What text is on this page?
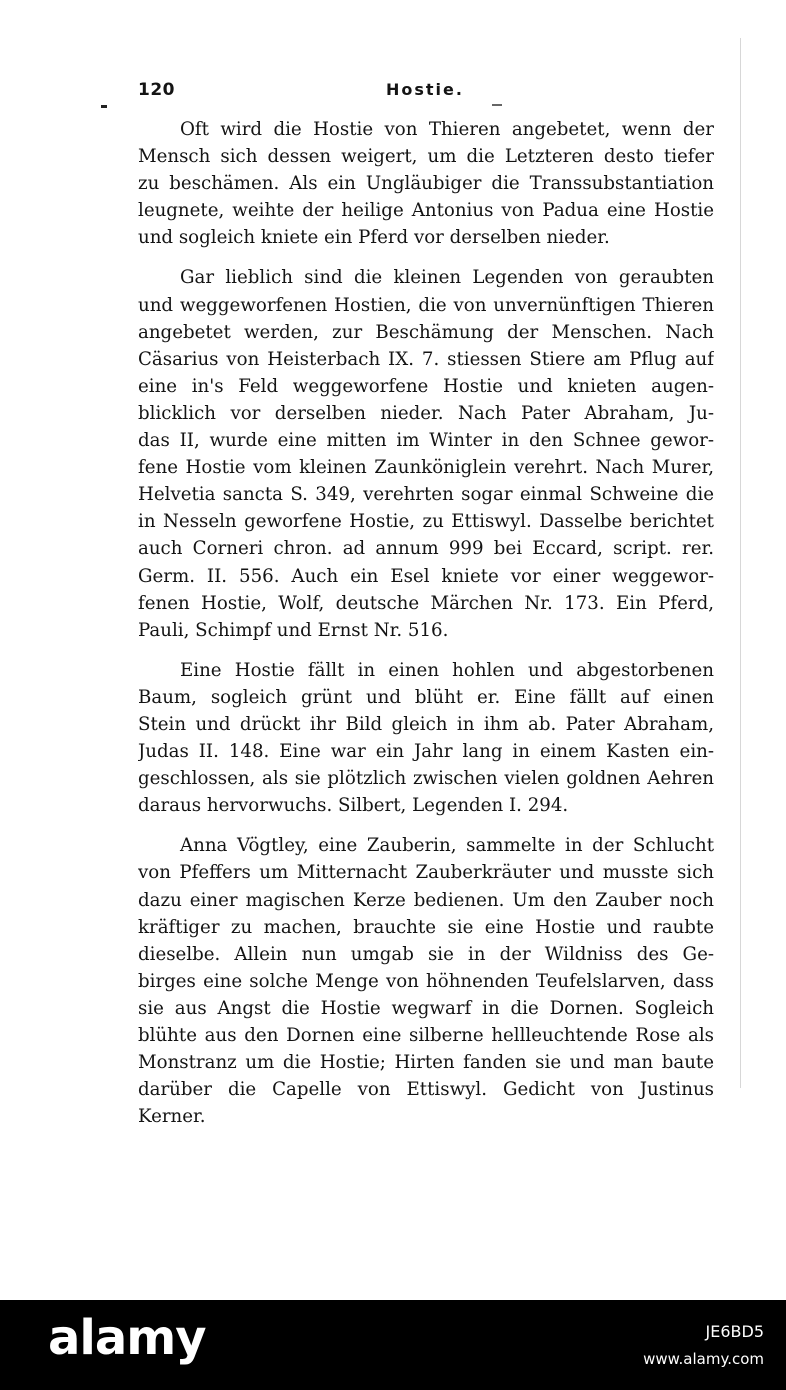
120	Hostie.
Oft wird die Hostie von Thieren angebetet, wenn der
Mensch sich dessen weigert, um die Letzteren desto tiefer
zu beschämen. Als ein Ungläubiger die Transsubstantiation
leugnete, weihte der heilige Antonius von Padua eine Hostie
und sogleich kniete ein Pferd vor derselben nieder.
Gar lieblich sind die kleinen Legenden von geraubten
und weggeworfenen Hostien, die von unvernünftigen Thieren
angebetet werden, zur Beschämung der Menschen. Nach
Cäsarius von Heisterbach IX. 7. stiessen Stiere am Pflug auf
eine in's Feld weggeworfene Hostie und knieten augen-
blicklich vor derselben nieder. Nach Pater Abraham, Ju-
das II, wurde eine mitten im Winter in den Schnee gewor-
fene Hostie vom kleinen Zaunköniglein verehrt. Nach Murer,
Helvetia sancta S. 349, verehrten sogar einmal Schweine die
in Nesseln geworfene Hostie, zu Ettiswyl. Dasselbe berichtet
auch Corneri chron. ad annum 999 bei Eccard, script. rer.
Germ. II. 556. Auch ein Esel kniete vor einer weggewor-
fenen Hostie, Wolf, deutsche Märchen Nr. 173. Ein Pferd,
Pauli, Schimpf und Ernst Nr. 516.
Eine Hostie fällt in einen hohlen und abgestorbenen
Baum, sogleich grünt und blüht er. Eine fällt auf einen
Stein und drückt ihr Bild gleich in ihm ab. Pater Abraham,
Judas II. 148. Eine war ein Jahr lang in einem Kasten ein-
geschlossen, als sie plötzlich zwischen vielen goldnen Aehren
daraus hervorwuchs. Silbert, Legenden I. 294.
Anna Vögtley, eine Zauberin, sammelte in der Schlucht
von Pfeffers um Mitternacht Zauberkräuter und musste sich
dazu einer magischen Kerze bedienen. Um den Zauber noch
kräftiger zu machen, brauchte sie eine Hostie und raubte
dieselbe. Allein nun umgab sie in der Wildniss des Ge-
birges eine solche Menge von höhnenden Teufelslarven, dass
sie aus Angst die Hostie wegwarf in die Dornen. Sogleich
blühte aus den Dornen eine silberne hellleuchtende Rose als
Monstranz um die Hostie; Hirten fanden sie und man baute
darüber die Capelle von Ettiswyl. Gedicht von Justinus
Kerner.
alamy	JE6BD5
www.alamy.com
